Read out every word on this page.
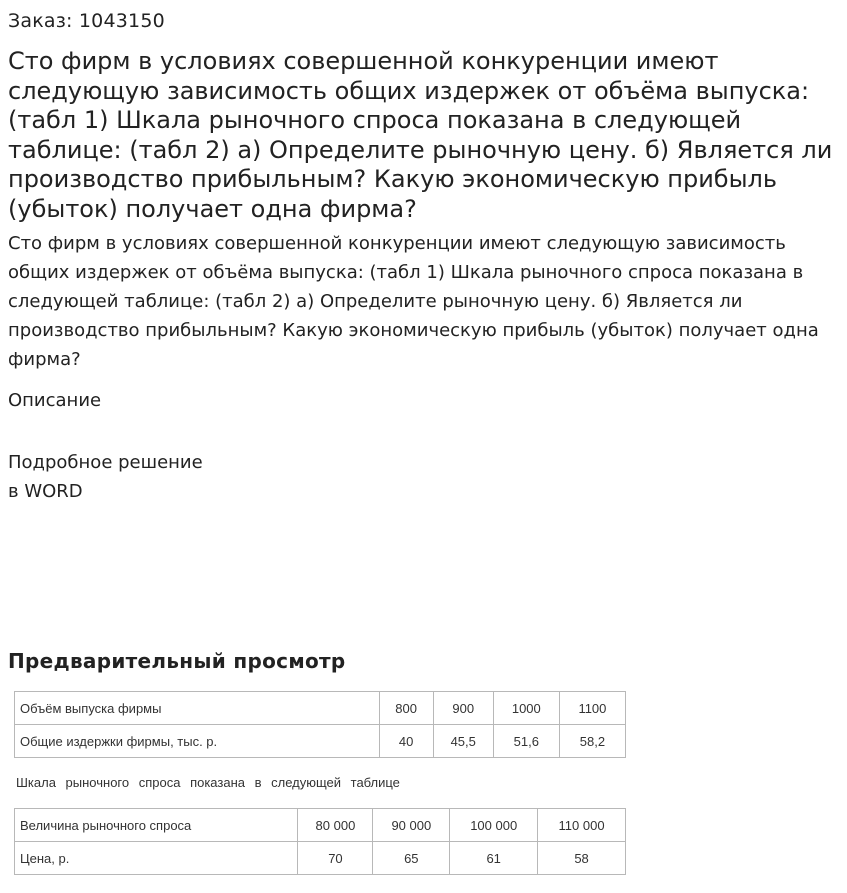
Заказ: 1043150
Сто фирм в условиях совершенной конкуренции имеют следующую зависимость общих издержек от объёма выпуска: (табл 1) Шкала рыночного спроса показана в следующей таблице: (табл 2) а) Определите рыночную цену. б) Является ли производство прибыльным? Какую экономическую прибыль (убыток) получает одна фирма?

Сто фирм в условиях совершенной конкуренции имеют следующую зависимость общих издержек от объёма выпуска: (табл 1) Шкала рыночного спроса показана в следующей таблице: (табл 2) а) Определите рыночную цену. б) Является ли производство прибыльным? Какую экономическую прибыль (убыток) получает одна фирма?

Описание
Подробное решение
в WORD
Предварительный просмотр
Объём выпуска фирмы	800	900	1000	1100
Общие издержки фирмы, тыс. р.	40	45,5	51,6	58,2
Шкала рыночного спроса показана в следующей таблице
Величина рыночного спроса	80 000	90 000	100 000	110 000
Цена, р.	70	65	61	58
